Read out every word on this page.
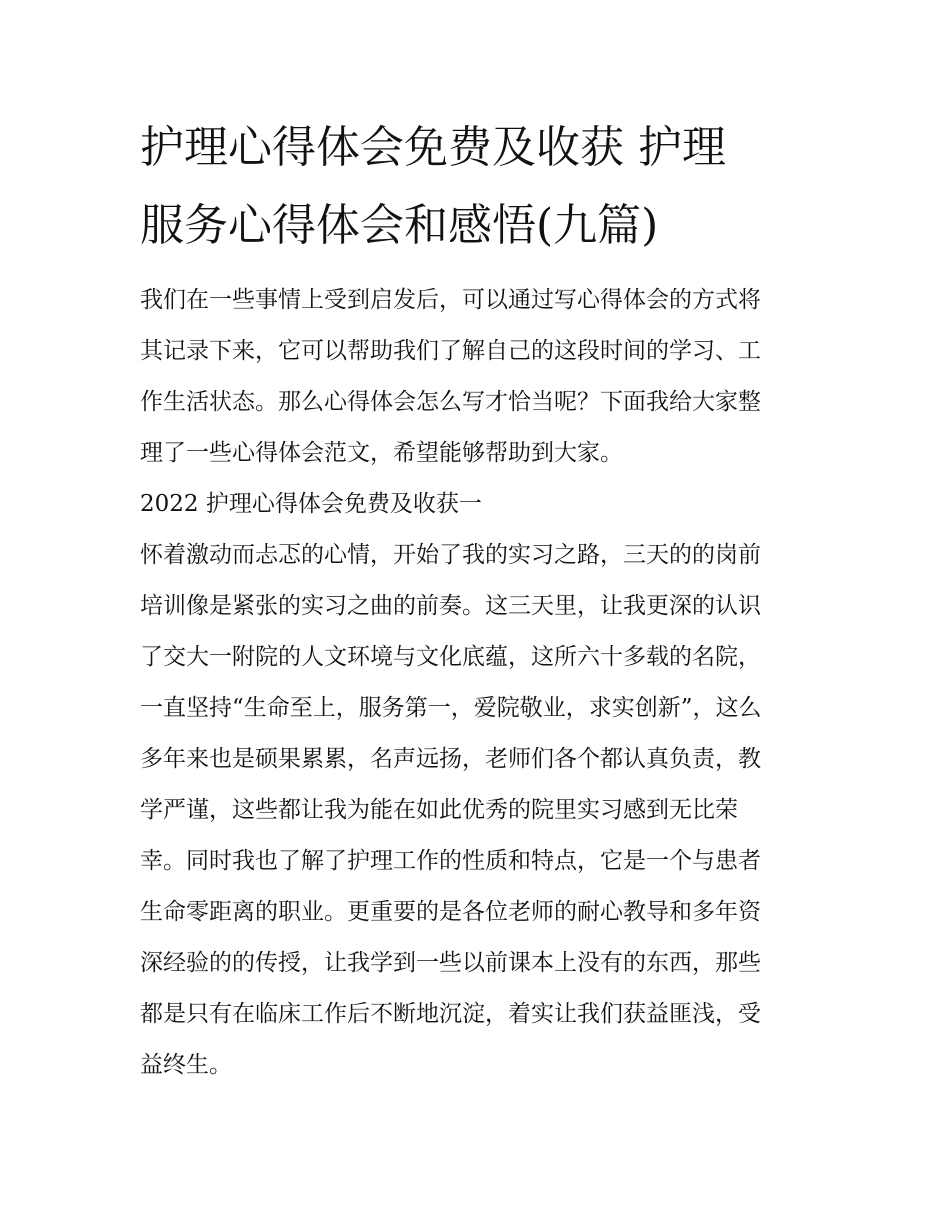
护理心得体会免费及收获 护理
服务心得体会和感悟(九篇)
我们在一些事情上受到启发后，可以通过写心得体会的方式将
其记录下来，它可以帮助我们了解自己的这段时间的学习、工
作生活状态。那么心得体会怎么写才恰当呢？下面我给大家整
理了一些心得体会范文，希望能够帮助到大家。
2022 护理心得体会免费及收获一
怀着激动而忐忑的心情，开始了我的实习之路，三天的的岗前
培训像是紧张的实习之曲的前奏。这三天里，让我更深的认识
了交大一附院的人文环境与文化底蕴，这所六十多载的名院，
一直坚持“生命至上，服务第一，爱院敬业，求实创新”，这么
多年来也是硕果累累，名声远扬，老师们各个都认真负责，教
学严谨，这些都让我为能在如此优秀的院里实习感到无比荣
幸。同时我也了解了护理工作的性质和特点，它是一个与患者
生命零距离的职业。更重要的是各位老师的耐心教导和多年资
深经验的的传授，让我学到一些以前课本上没有的东西，那些
都是只有在临床工作后不断地沉淀，着实让我们获益匪浅，受
益终生。
